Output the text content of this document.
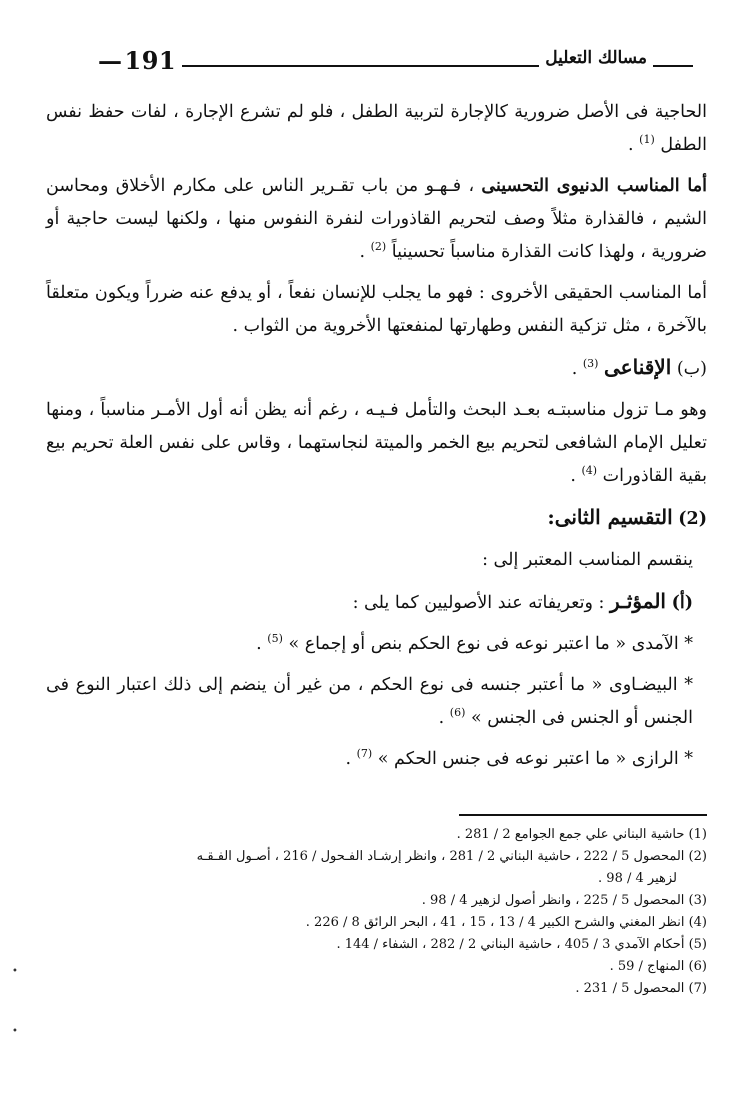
— 191	مسالك التعليل

الحاجية فى الأصل ضرورية كالإجارة لتربية الطفل ، فلو لم تشرع الإجارة ، لفات حفظ نفس الطفل $^{(1)}$ .

أما المناسب الدنيوى التحسينى ، فـهـو من باب تقـرير الناس على مكارم الأخلاق ومحاسن الشيم ، فالقذارة مثلاً وصف لتحريم القاذورات لنفرة النفوس منها ، ولكنها ليست حاجية أو ضرورية ، ولهذا كانت القذارة مناسباً تحسينياً $^{(2)}$ .

أما المناسب الحقيقى الأخروى : فهو ما يجلب للإنسان نفعاً ، أو يدفع عنه ضرراً ويكون متعلقاً بالآخرة ، مثل تزكية النفس وطهارتها لمنفعتها الأخروية من الثواب .

(ب) الإقناعى $^{(3)}$ .

وهو مـا تزول مناسبتـه بعـد البحث والتأمل فـيـه ، رغم أنه يظن أنه أول الأمـر مناسباً ، ومنها تعليل الإمام الشافعى لتحريم بيع الخمر والميتة لنجاستهما ، وقاس على نفس العلة تحريم بيع بقية القاذورات $^{(4)}$ .

(2) التقسيم الثانى:

ينقسم المناسب المعتبر إلى :

(أ) المؤثـر : وتعريفاته عند الأصوليين كما يلى :

* الآمدى « ما اعتبر نوعه فى نوع الحكم بنص أو إجماع » $^{(5)}$ .

* البيضـاوى « ما أعتبر جنسه فى نوع الحكم ، من غير أن ينضم إلى ذلك اعتبار النوع فى الجنس أو الجنس فى الجنس » $^{(6)}$ .

* الرازى « ما اعتبر نوعه فى جنس الحكم » $^{(7)}$ .

(1) حاشية البناني علي جمع الجوامع 2 / 281 .

(2) المحصول 5 / 222 ، حاشية البناني 2 / 281 ، وانظر إرشـاد الفـحول / 216 ، أصـول الفـقـه

لزهير 4 / 98 .

(3) المحصول 5 / 225 ، وانظر أصول لزهير 4 / 98 .

(4) انظر المغني والشرح الكبير 4 / 13 ، 15 ، 41 ، البحر الرائق 8 / 226 .

(5) أحكام الآمدي 3 / 405 ، حاشية البناني 2 / 282 ، الشفاء / 144 .

(6) المنهاج / 59 .

(7) المحصول 5 / 231 .

•
•
